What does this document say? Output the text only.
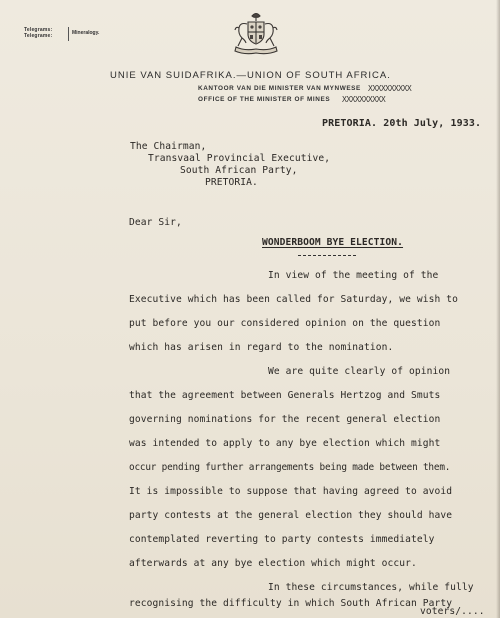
Telegrams:
Telegrame:	Mineralogy.
UNIE VAN SUIDAFRIKA.—UNION OF SOUTH AFRICA.
KANTOOR VAN DIE MINISTER VAN MYNWESE XXXXXXXXXX
OFFICE OF THE MINISTER OF MINES XXXXXXXXXX
PRETORIA. 20th July, 1933.
The Chairman,
Transvaal Provincial Executive,
South African Party,
PRETORIA.
Dear Sir,
WONDERBOOM BYE ELECTION.
In view of the meeting of the
Executive which has been called for Saturday, we wish to
put before you our considered opinion on the question
which has arisen in regard to the nomination.
We are quite clearly of opinion
that the agreement between Generals Hertzog and Smuts
governing nominations for the recent general election
was intended to apply to any bye election which might
occur pending further arrangements being made between them.
It is impossible to suppose that having agreed to avoid
party contests at the general election they should have
contemplated reverting to party contests immediately
afterwards at any bye election which might occur.
In these circumstances, while fully
recognising the difficulty in which South African Party
voters/....
